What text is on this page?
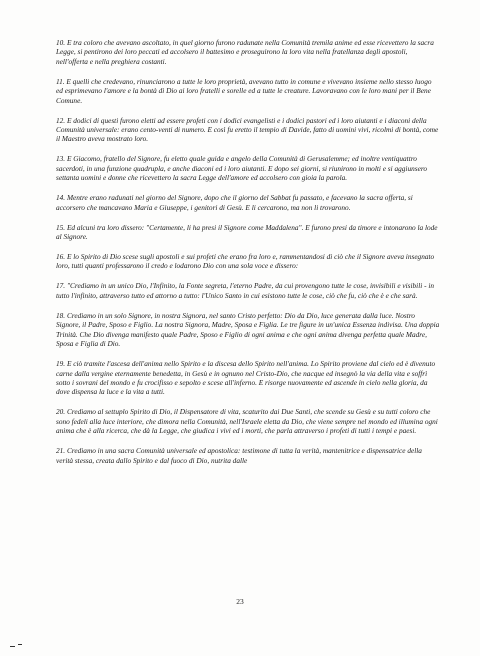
10. E tra coloro che avevano ascoltato, in quel giorno furono radunate nella Comunità tremila anime ed esse ricevettero la sacra Legge, si pentirono dei loro peccati ed accolsero il battesimo e proseguirono la loro vita nella fratellanza degli apostoli, nell'offerta e nella preghiera costanti.

11. E quelli che credevano, rinunciarono a tutte le loro proprietà, avevano tutto in comune e vivevano insieme nello stesso luogo ed esprimevano l'amore e la bontà di Dio ai loro fratelli e sorelle ed a tutte le creature. Lavoravano con le loro mani per il Bene Comune.

12. E dodici di questi furono eletti ad essere profeti con i dodici evangelisti e i dodici pastori ed i loro aiutanti e i diaconi della Comunità universale: erano cento-venti di numero. E così fu eretto il tempio di Davide, fatto di uomini vivi, ricolmi di bontà, come il Maestro aveva mostrato loro.

13. E Giacomo, fratello del Signore, fu eletto quale guida e angelo della Comunità di Gerusalemme; ed inoltre ventiquattro sacerdoti, in una funzione quadrupla, e anche diaconi ed i loro aiutanti. E dopo sei giorni, si riunirono in molti e si aggiunsero settanta uomini e donne che ricevettero la sacra Legge dell'amore ed accolsero con gioia la parola.

14. Mentre erano radunati nel giorno del Signore, dopo che il giorno del Sabbat fu passato, e facevano la sacra offerta, si accorsero che mancavano Maria e Giuseppe, i genitori di Gesù. E li cercarono, ma non li trovarono.

15. Ed alcuni tra loro dissero: "Certamente, li ha presi il Signore come Maddalena". E furono presi da timore e intonarono la lode al Signore.

16. E lo Spirito di Dio scese sugli apostoli e sui profeti che erano fra loro e, rammentandosi di ciò che il Signore aveva insegnato loro, tutti quanti professarono il credo e lodarono Dio con una sola voce e dissero:

17. "Crediamo in un unico Dio, l'Infinito, la Fonte segreta, l'eterno Padre, da cui provengono tutte le cose, invisibili e visibili - in tutto l'infinito, attraverso tutto ed attorno a tutto: l'Unico Santo in cui esistono tutte le cose, ciò che fu, ciò che è e che sarà.

18. Crediamo in un solo Signore, in nostra Signora, nel santo Cristo perfetto: Dio da Dio, luce generata dalla luce. Nostro Signore, il Padre, Sposo e Figlio. La nostra Signora, Madre, Sposa e Figlia. Le tre figure in un'unica Essenza indivisa. Una doppia Trinità. Che Dio divenga manifesto quale Padre, Sposo e Figlio di ogni anima e che ogni anima divenga perfetta quale Madre, Sposa e Figlia di Dio.

19. E ciò tramite l'ascesa dell'anima nello Spirito e la discesa dello Spirito nell'anima. Lo Spirito proviene dal cielo ed è divenuto carne dalla vergine eternamente benedetta, in Gesù e in ognuno nel Cristo-Dio, che nacque ed insegnò la via della vita e soffrì sotto i sovrani del mondo e fu crocifisso e sepolto e scese all'inferno. E risorge nuovamente ed ascende in cielo nella gloria, da dove dispensa la luce e la vita a tutti.

20. Crediamo al settuplo Spirito di Dio, il Dispensatore di vita, scaturito dai Due Santi, che scende su Gesù e su tutti coloro che sono fedeli alla luce interiore, che dimora nella Comunità, nell'Israele eletta da Dio, che viene sempre nel mondo ed illumina ogni anima che è alla ricerca, che dà la Legge, che giudica i vivi ed i morti, che parla attraverso i profeti di tutti i tempi e paesi.

21. Crediamo in una sacra Comunità universale ed apostolica: testimone di tutta la verità, mantenitrice e dispensatrice della verità stessa, creata dallo Spirito e dal fuoco di Dio, nutrita dalle

23
